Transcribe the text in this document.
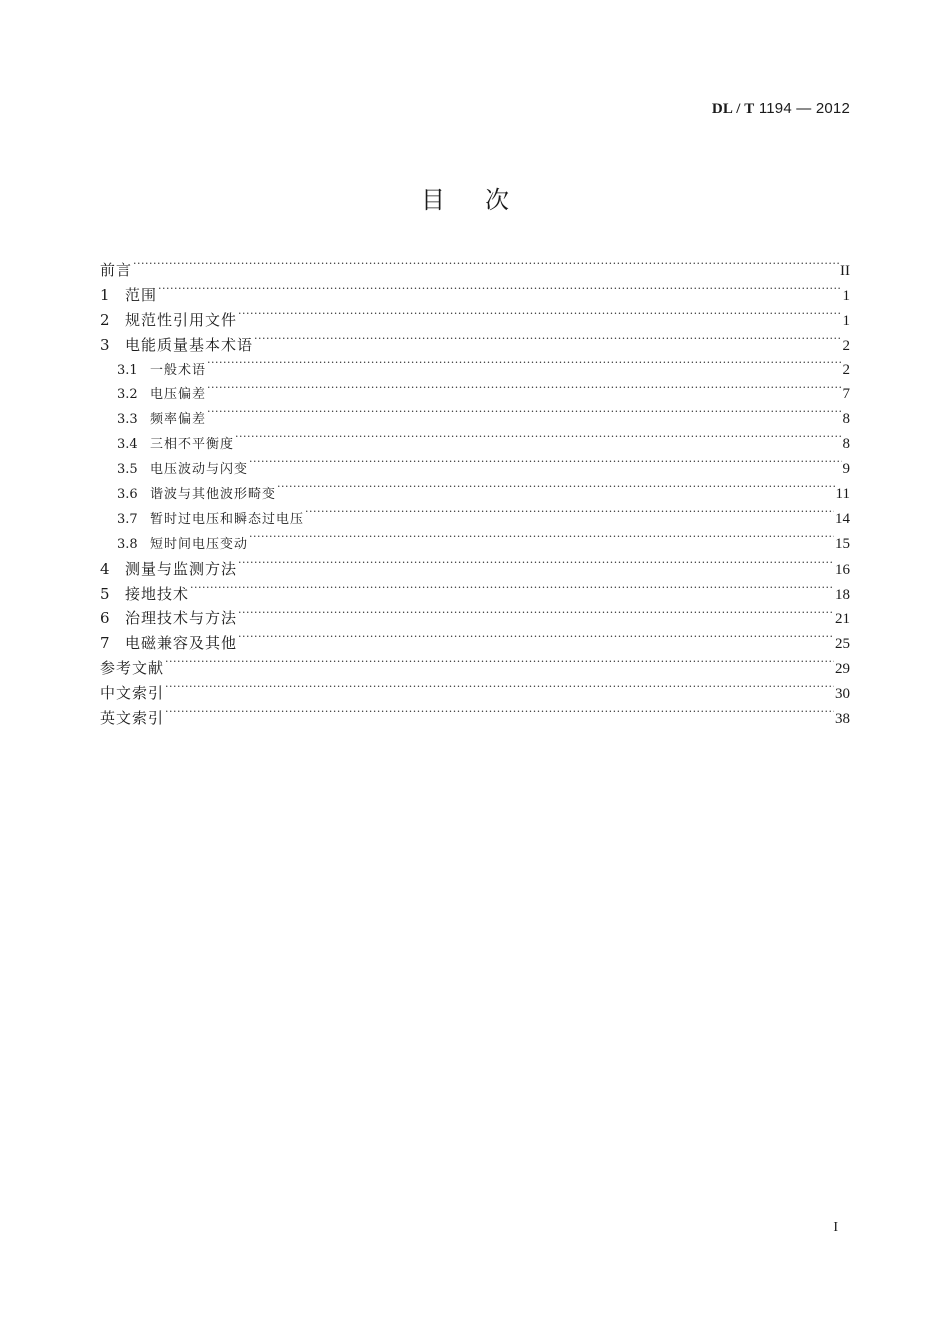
DL / T 1194 — 2012
目次
前言 ·····	II
1	范围 ·····	1
2	规范性引用文件 ·····	1
3	电能质量基本术语 ·····	2
3.1 一般术语 ·····	2
3.2 电压偏差 ·····	7
3.3 频率偏差 ·····	8
3.4 三相不平衡度 ·····	8
3.5 电压波动与闪变 ·····	9
3.6 谐波与其他波形畸变 ·····	11
3.7 暂时过电压和瞬态过电压 ·····	14
3.8 短时间电压变动 ·····	15
4	测量与监测方法 ·····	16
5	接地技术 ·····	18
6	治理技术与方法 ·····	21
7	电磁兼容及其他 ·····	25
参考文献 ·····	29
中文索引 ·····	30
英文索引 ·····	38
I
